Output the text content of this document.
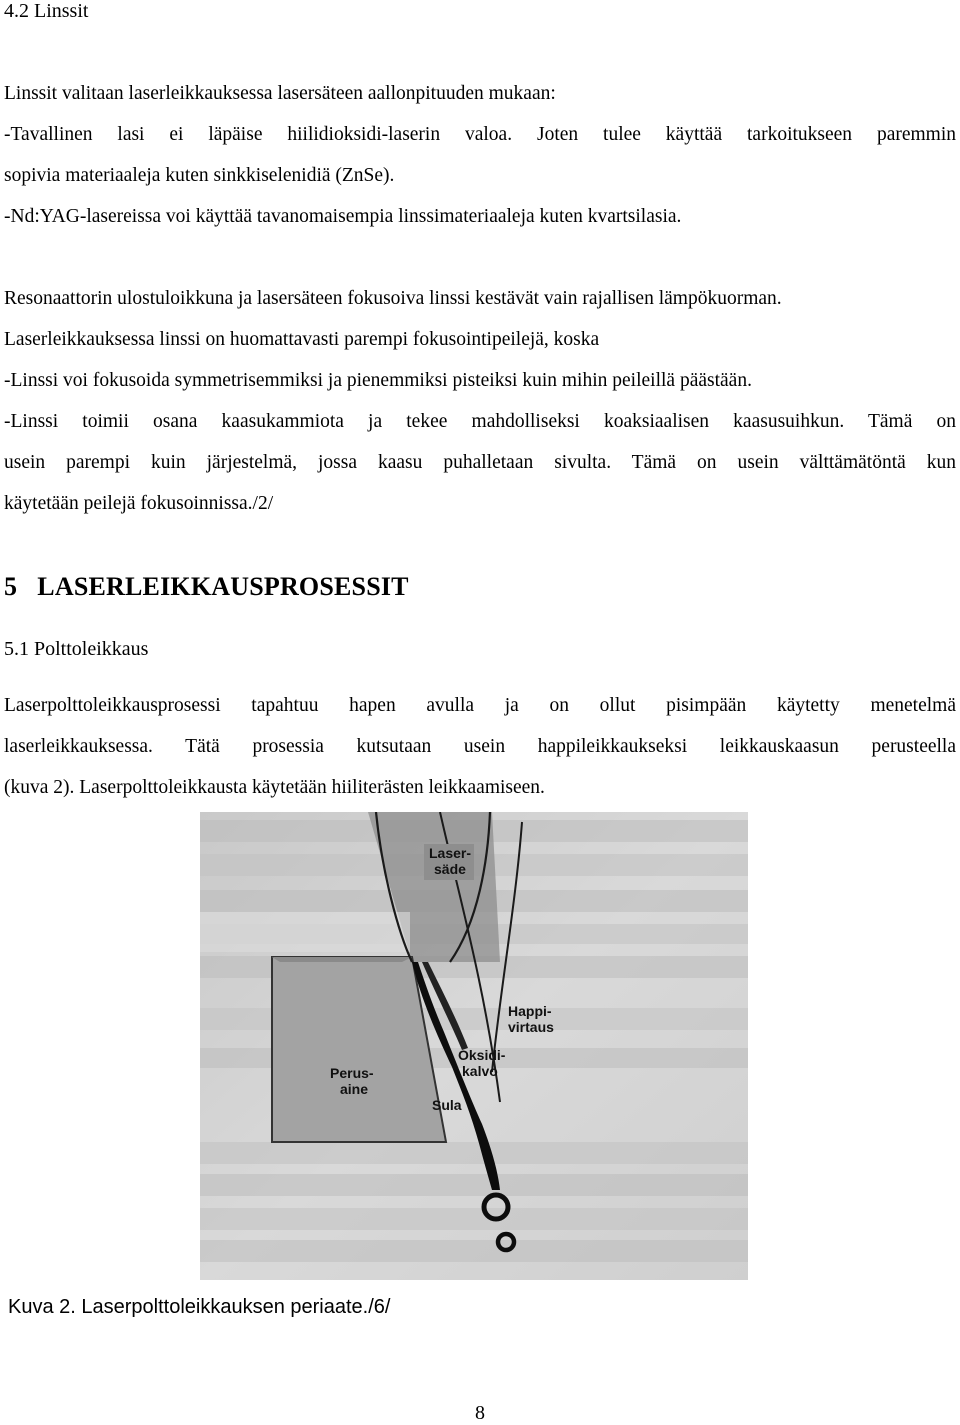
4.2 Linssit
Linssit valitaan laserleikkauksessa lasersäteen aallonpituuden mukaan:
-Tavallinen lasi ei läpäise hiilidioksidi-laserin valoa. Joten tulee käyttää tarkoitukseen paremmin
sopivia materiaaleja kuten sinkkiselenidiä (ZnSe).
-Nd:YAG-lasereissa voi käyttää tavanomaisempia linssimateriaaleja kuten kvartsilasia.
Resonaattorin ulostuloikkuna ja lasersäteen fokusoiva linssi kestävät vain rajallisen lämpökuorman.
Laserleikkauksessa linssi on huomattavasti parempi fokusointipeilejä, koska
-Linssi voi fokusoida symmetrisemmiksi ja pienemmiksi pisteiksi kuin mihin peileillä päästään.
-Linssi toimii osana kaasukammiota ja tekee mahdolliseksi koaksiaalisen kaasusuihkun. Tämä on
usein parempi kuin järjestelmä, jossa kaasu puhalletaan sivulta. Tämä on usein välttämätöntä kun
käytetään peilejä fokusoinnissa./2/
5   LASERLEIKKAUSPROSESSIT
5.1 Polttoleikkaus
Laserpolttoleikkausprosessi tapahtuu hapen avulla ja on ollut pisimpään käytetty menetelmä
laserleikkauksessa. Tätä prosessia kutsutaan usein happileikkaukseksi leikkauskaasun perusteella
(kuva 2). Laserpolttoleikkausta käytetään hiiliterästen leikkaamiseen.
Laser-
säde
Happi-
virtaus
Oksidi-
kalvo
Perus-
aine
Sula
Kuva 2. Laserpolttoleikkauksen periaate./6/
8
